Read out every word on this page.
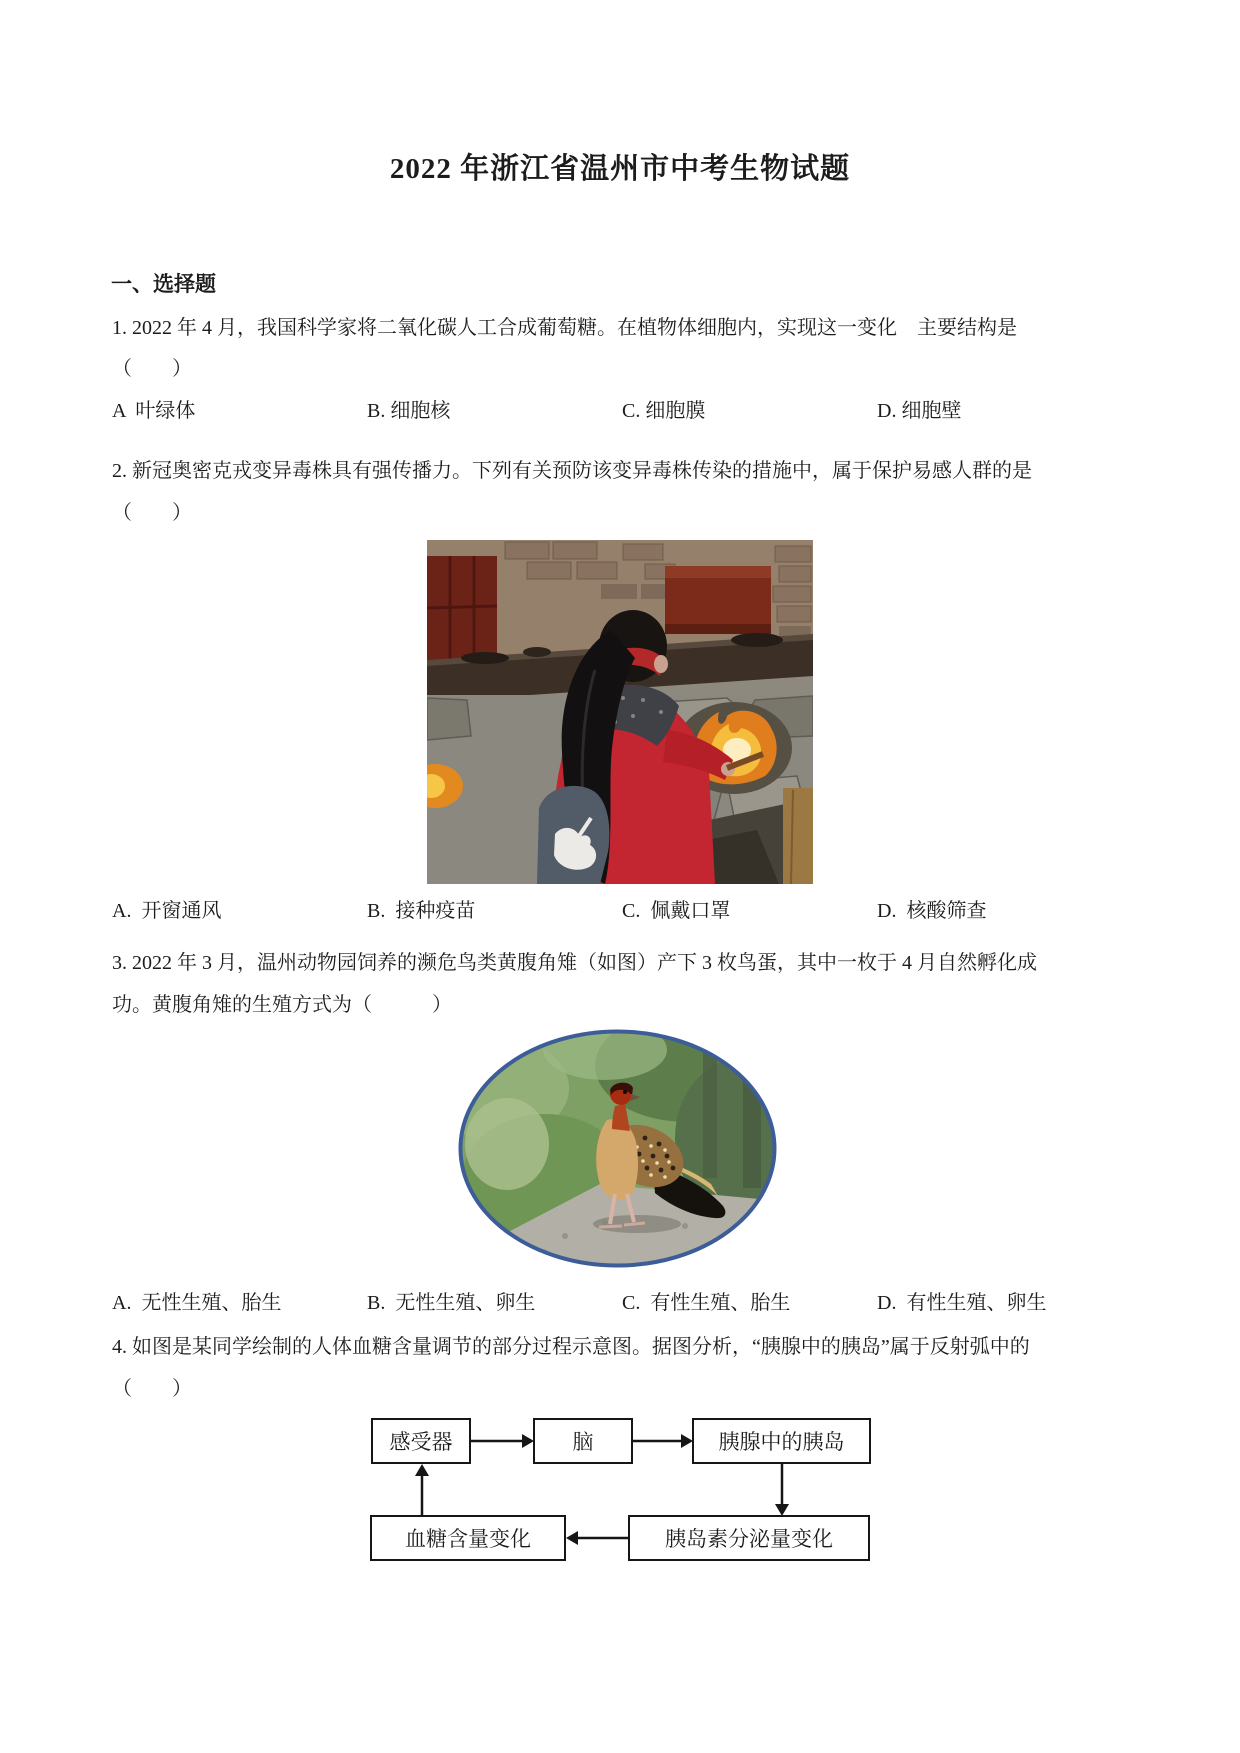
2022 年浙江省温州市中考生物试题
一、选择题
1. 2022 年 4 月，我国科学家将二氧化碳人工合成葡萄糖。在植物体细胞内，实现这一变化　主要结构是
（　　）
A  叶绿体	B. 细胞核	C. 细胞膜	D. 细胞壁
2. 新冠奥密克戎变异毒株具有强传播力。下列有关预防该变异毒株传染的措施中，属于保护易感人群的是
（　　）
A.  开窗通风	B.  接种疫苗	C.  佩戴口罩	D.  核酸筛查
3. 2022 年 3 月，温州动物园饲养的濒危鸟类黄腹角雉（如图）产下 3 枚鸟蛋，其中一枚于 4 月自然孵化成
功。黄腹角雉的生殖方式为（　　　）
A.  无性生殖、胎生	B.  无性生殖、卵生	C.  有性生殖、胎生	D.  有性生殖、卵生
4. 如图是某同学绘制的人体血糖含量调节的部分过程示意图。据图分析，“胰腺中的胰岛”属于反射弧中的
（　　）
感受器	脑	胰腺中的胰岛
血糖含量变化	胰岛素分泌量变化
